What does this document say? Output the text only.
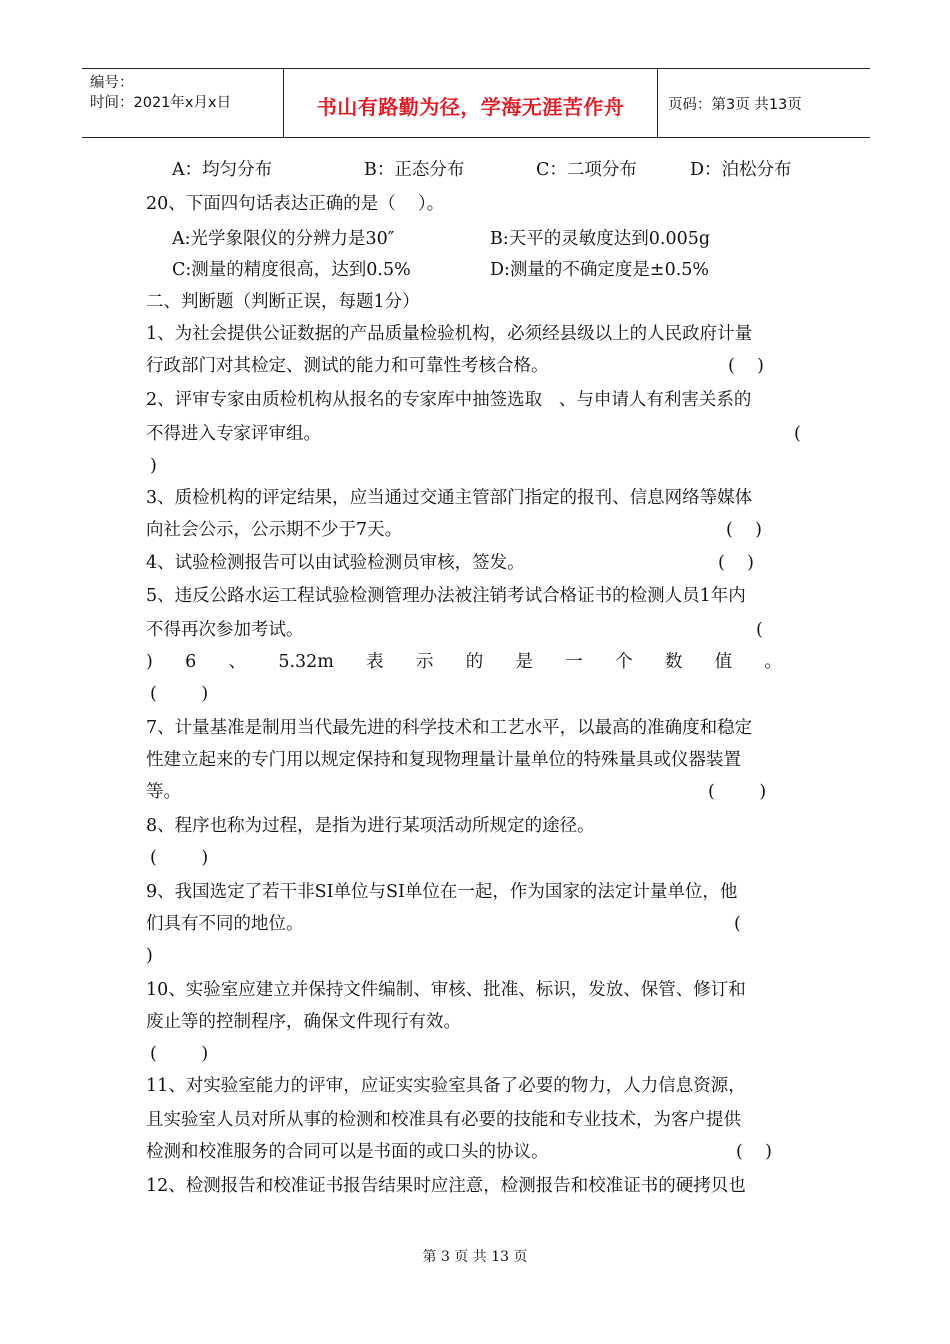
编号：
时间：2021年x月x日	书山有路勤为径，学海无涯苦作舟	页码：第3页 共13页
A：均匀分布	B：正态分布	C：二项分布	D：泊松分布
20、下面四句话表达正确的是（    ）。
A:光学象限仪的分辨力是30″	B:天平的灵敏度达到0.005g
C:测量的精度很高，达到0.5%	D:测量的不确定度是±0.5%
二、判断题（判断正误，每题1分）
1、为社会提供公证数据的产品质量检验机构，必须经县级以上的人民政府计量
行政部门对其检定、测试的能力和可靠性考核合格。	(    )
2、评审专家由质检机构从报名的专家库中抽签选取   、与申请人有利害关系的
不得进入专家评审组。	(
)
3、质检机构的评定结果，应当通过交通主管部门指定的报刊、信息网络等媒体
向社会公示，公示期不少于7天。	(    )
4、试验检测报告可以由试验检测员审核，签发。	(    )
5、违反公路水运工程试验检测管理办法被注销考试合格证书的检测人员1年内
不得再次参加考试。	(
) 6 、 5.32m 表 示 的 是 一 个 数 值 。
(        )
7、计量基准是制用当代最先进的科学技术和工艺水平，以最高的准确度和稳定
性建立起来的专门用以规定保持和复现物理量计量单位的特殊量具或仪器装置
等。	(        )
8、程序也称为过程，是指为进行某项活动所规定的途径。
(        )
9、我国选定了若干非SI单位与SI单位在一起，作为国家的法定计量单位，他
们具有不同的地位。	(
)
10、实验室应建立并保持文件编制、审核、批准、标识，发放、保管、修订和
废止等的控制程序，确保文件现行有效。
(        )
11、对实验室能力的评审，应证实实验室具备了必要的物力，人力信息资源，
且实验室人员对所从事的检测和校准具有必要的技能和专业技术，为客户提供
检测和校准服务的合同可以是书面的或口头的协议。	(    )
12、检测报告和校准证书报告结果时应注意，检测报告和校准证书的硬拷贝也
第 3 页 共 13 页
